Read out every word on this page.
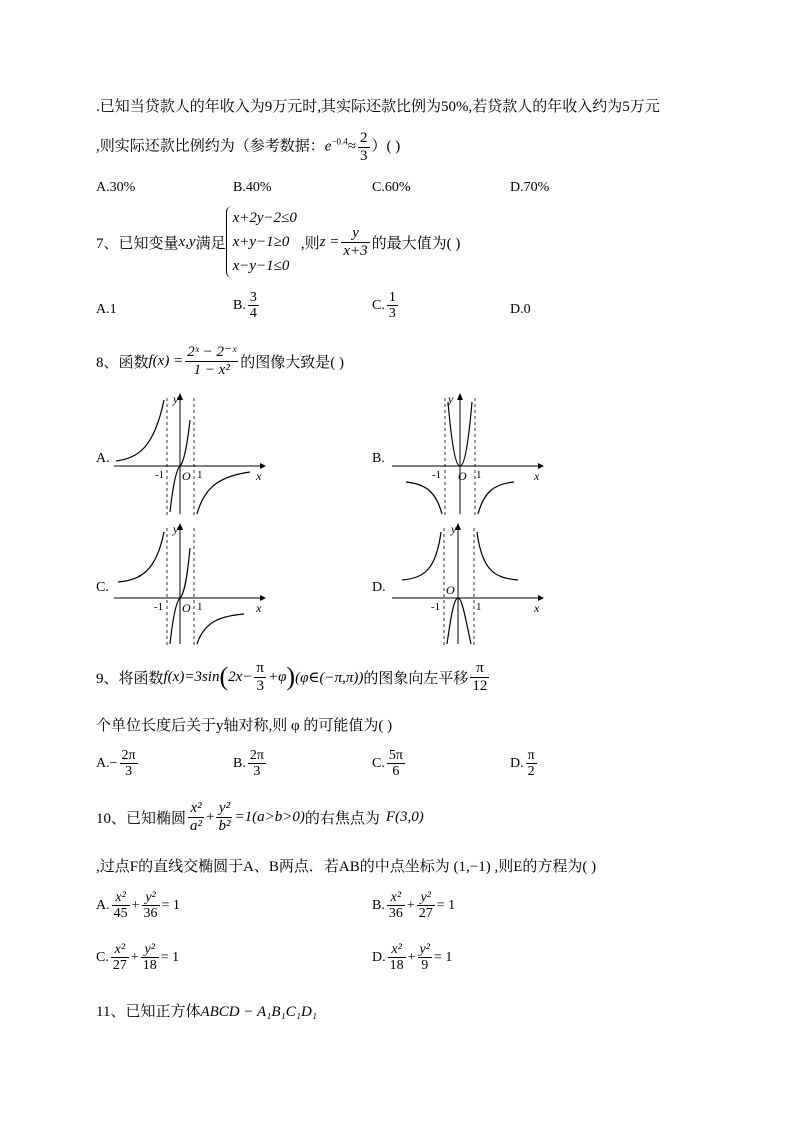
.已知当贷款人的年收入为9万元时,其实际还款比例为50%,若贷款人的年收入约为5万元
,则实际还款比例约为（参考数据：$e^{-0.4}\approx \frac{2}{3}$ ）( )
A.30%	B.40%	C.60%	D.70%
7、已知变量 x,y 满足
x+2y−2≤0
x+y−1≥0
x−y−1≤0
,则 $z = \frac{y}{x+3}$ 的最大值为( )
A.1	B. $\frac{3}{4}$	C. $\frac{1}{3}$	D.0
8、函数 $f(x) = \frac{\text{2ˣ − 2⁻ˣ}}{\text{1 − x²}}$ 的图像大致是( )
A.	B.
C.	D.
y
x
O
-1	1
y
x
O
-1	1
y
x
O
-1	1
y
x
O
-1	1
9、将函数 f(x)=3sin ( $2x- \frac{\pi}{3} +\varphi$ ) (φ∈(−π,π)) 的图象向左平移 $\frac{\pi}{12}$
个单位长度后关于y轴对称,则 φ 的可能值为( )
A. − $\frac{2\pi}{3}$	B. $\frac{2\pi}{3}$	C. $\frac{5\pi}{6}$	D. $\frac{\pi}{2}$
10、已知椭圆 $\frac{\text{x²}}{\text{a²}} + \frac{\text{y²}}{\text{b²}} =1(a>b>0)$ 的右焦点为 F(3,0)
,过点F的直线交椭圆于A、B两点．若AB的中点坐标为 (1,−1) ,则E的方程为( )
A. $\frac{\text{x²}}{45} + \frac{\text{y²}}{36} = 1$	B. $\frac{\text{x²}}{36} + \frac{\text{y²}}{27} = 1$
C. $\frac{\text{x²}}{27} + \frac{\text{y²}}{18} = 1$	D. $\frac{\text{x²}}{18} + \frac{\text{y²}}{9} = 1$
11、已知正方体ABCD − A₁B₁C₁D₁
